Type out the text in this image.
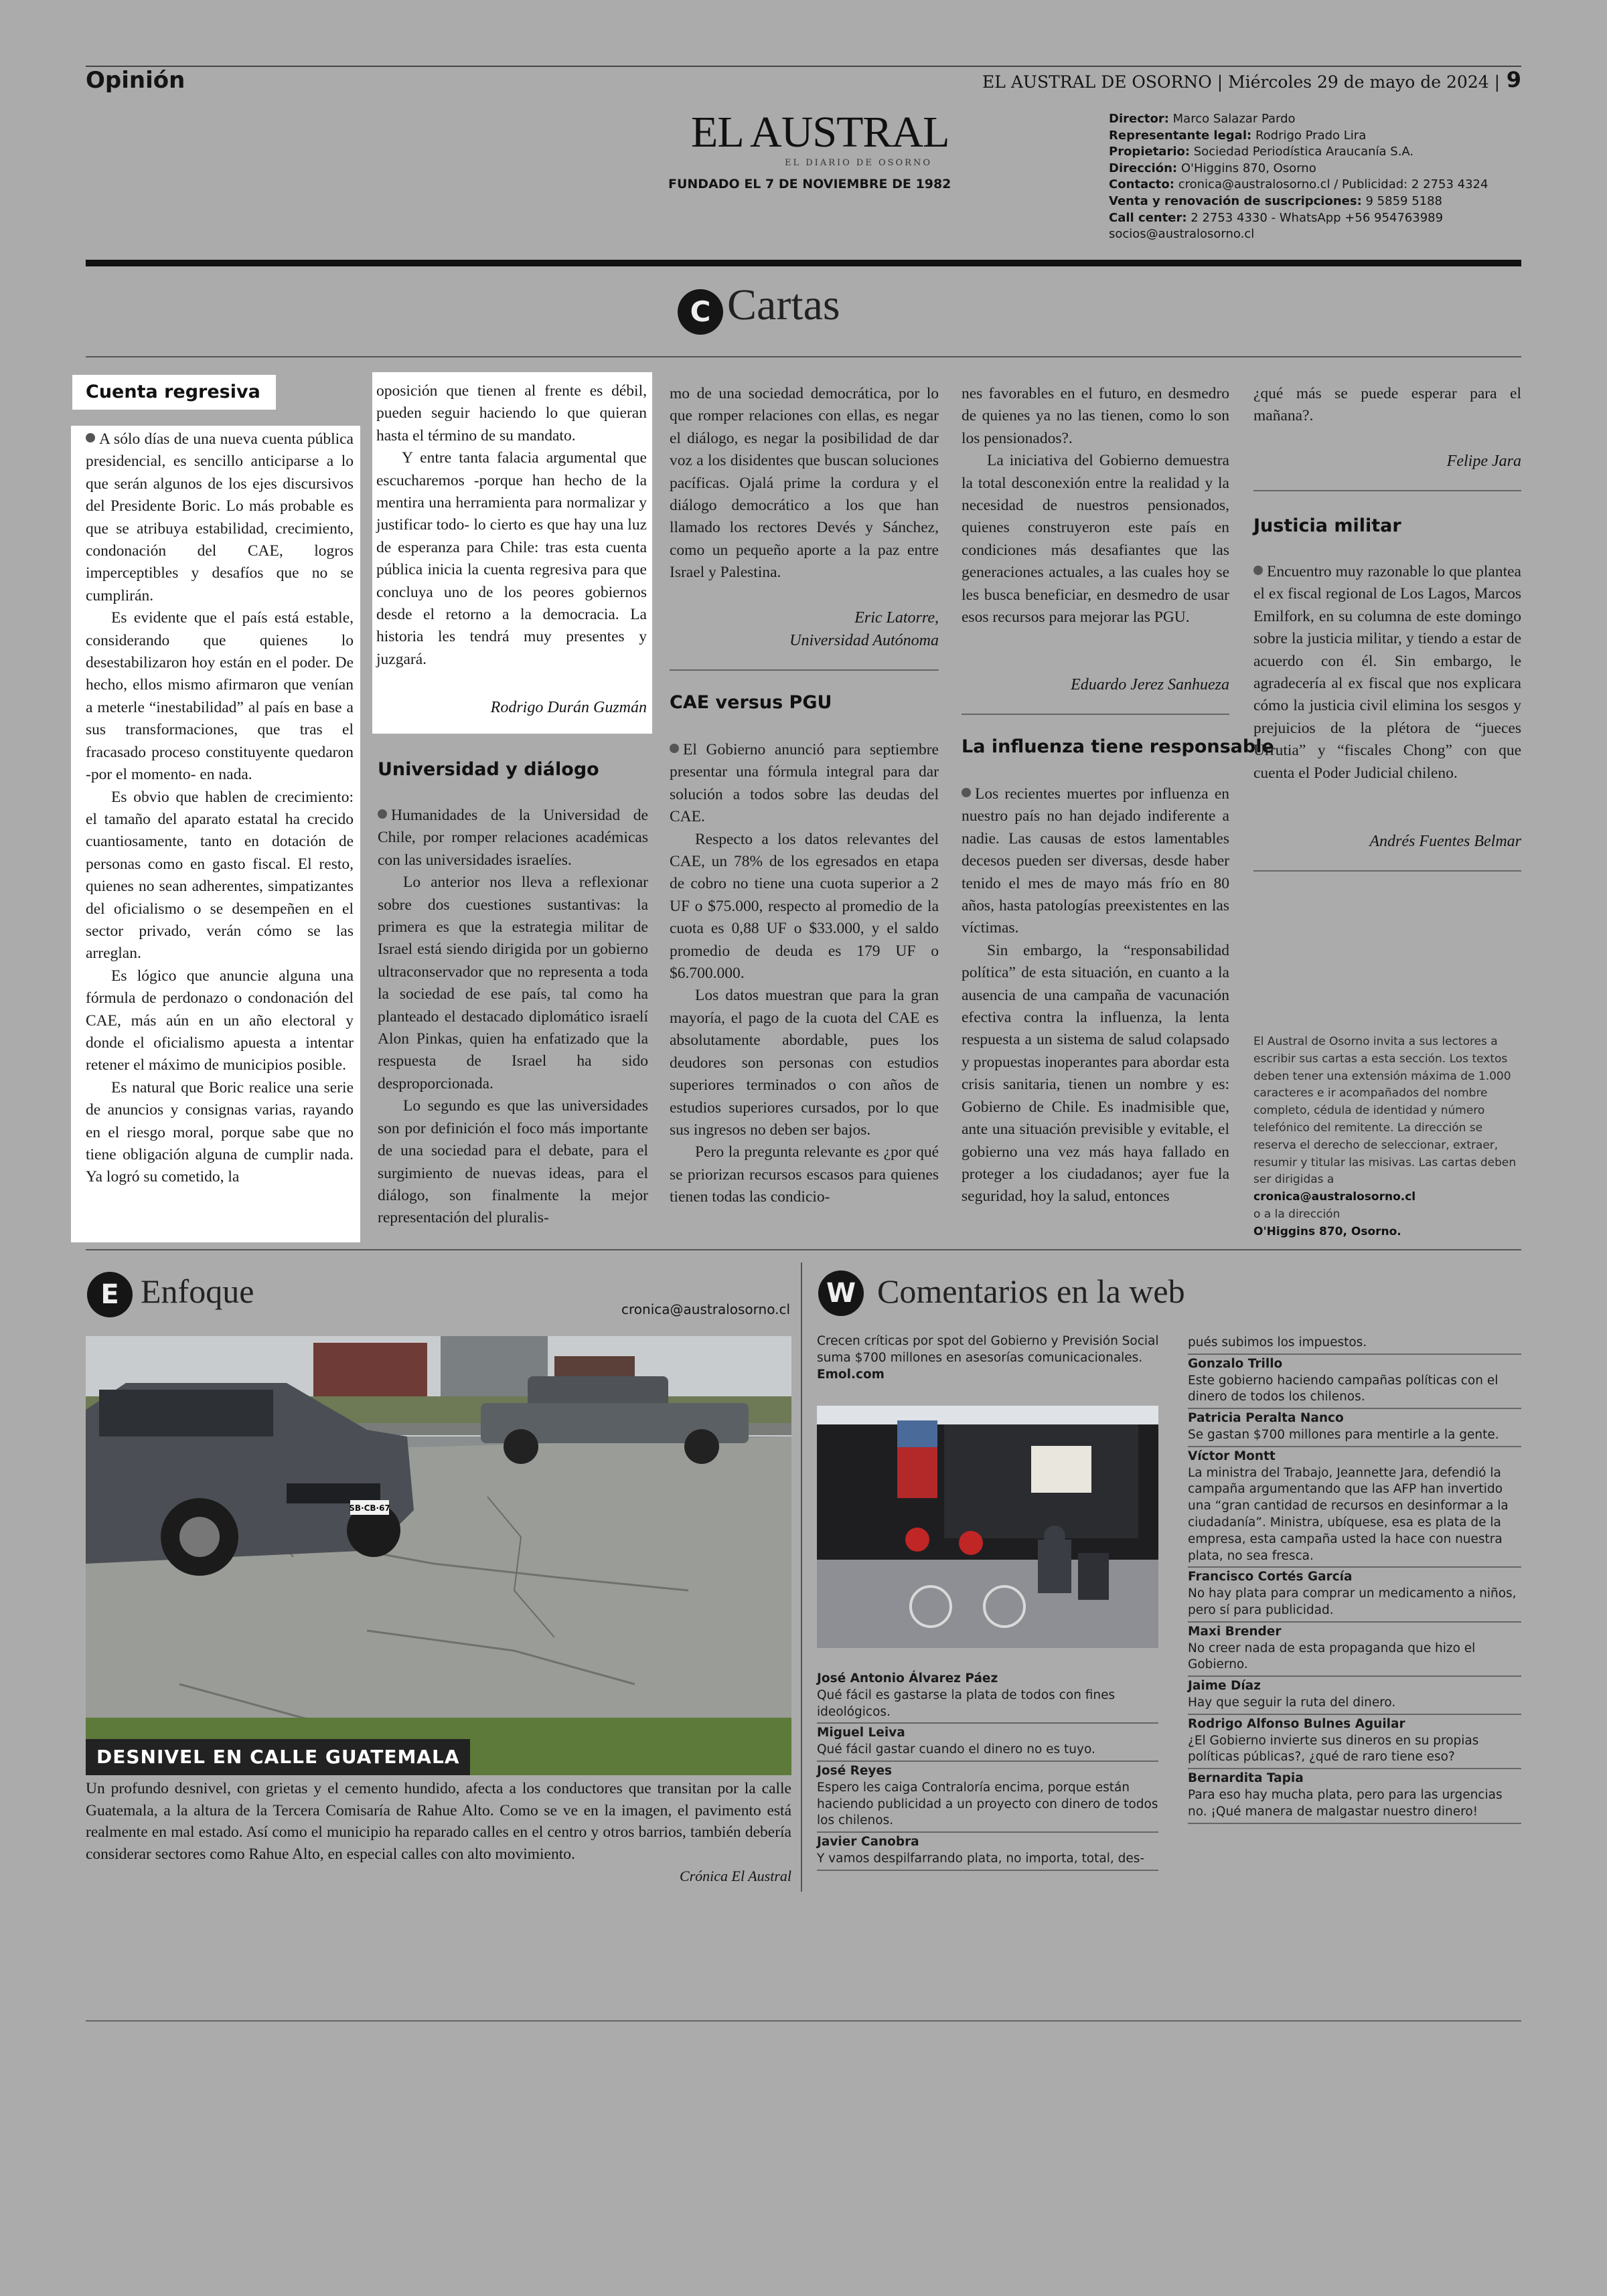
Opinión	EL AUSTRAL DE OSORNO | Miércoles 29 de mayo de 2024 | 9
EL AUSTRAL
EL DIARIO DE OSORNO
FUNDADO EL 7 DE NOVIEMBRE DE 1982
Director: Marco Salazar Pardo
Representante legal: Rodrigo Prado Lira
Propietario: Sociedad Periodística Araucanía S.A.
Dirección: O'Higgins 870, Osorno
Contacto: cronica@australosorno.cl / Publicidad: 2 2753 4324
Venta y renovación de suscripciones: 9 5859 5188
Call center: 2 2753 4330 - WhatsApp +56 954763989
socios@australosorno.cl
C Cartas
Cuenta regresiva

A sólo días de una nueva cuenta pública presidencial, es sencillo anticiparse a lo que serán algunos de los ejes discursivos del Presidente Boric. Lo más probable es que se atribuya estabilidad, crecimiento, condonación del CAE, logros imperceptibles y desafíos que no se cumplirán.

Es evidente que el país está estable, considerando que quienes lo desestabilizaron hoy están en el poder. De hecho, ellos mismo afirmaron que venían a meterle “inestabilidad” al país en base a sus transformaciones, que tras el fracasado proceso constituyente quedaron -por el momento- en nada.

Es obvio que hablen de crecimiento: el tamaño del aparato estatal ha crecido cuantiosamente, tanto en dotación de personas como en gasto fiscal. El resto, quienes no sean adherentes, simpatizantes del oficialismo o se desempeñen en el sector privado, verán cómo se las arreglan.

Es lógico que anuncie alguna una fórmula de perdonazo o condonación del CAE, más aún en un año electoral y donde el oficialismo apuesta a intentar retener el máximo de municipios posible.

Es natural que Boric realice una serie de anuncios y consignas varias, rayando en el riesgo moral, porque sabe que no tiene obligación alguna de cumplir nada. Ya logró su cometido, la

oposición que tienen al frente es débil, pueden seguir haciendo lo que quieran hasta el término de su mandato.

Y entre tanta falacia argumental que escucharemos -porque han hecho de la mentira una herramienta para normalizar y justificar todo- lo cierto es que hay una luz de esperanza para Chile: tras esta cuenta pública inicia la cuenta regresiva para que concluya uno de los peores gobiernos desde el retorno a la democracia. La historia les tendrá muy presentes y juzgará.

Rodrigo Durán Guzmán
Universidad y diálogo

Humanidades de la Universidad de Chile, por romper relaciones académicas con las universidades israelíes.

Lo anterior nos lleva a reflexionar sobre dos cuestiones sustantivas: la primera es que la estrategia militar de Israel está siendo dirigida por un gobierno ultraconservador que no representa a toda la sociedad de ese país, tal como ha planteado el destacado diplomático israelí Alon Pinkas, quien ha enfatizado que la respuesta de Israel ha sido desproporcionada.

Lo segundo es que las universidades son por definición el foco más importante de una sociedad para el debate, para el surgimiento de nuevas ideas, para el diálogo, son finalmente la mejor representación del pluralis-

mo de una sociedad democrática, por lo que romper relaciones con ellas, es negar el diálogo, es negar la posibilidad de dar voz a los disidentes que buscan soluciones pacíficas. Ojalá prime la cordura y el diálogo democrático a los que han llamado los rectores Devés y Sánchez, como un pequeño aporte a la paz entre Israel y Palestina.

Eric Latorre,
Universidad Autónoma
CAE versus PGU

El Gobierno anunció para septiembre presentar una fórmula integral para dar solución a todos sobre las deudas del CAE.

Respecto a los datos relevantes del CAE, un 78% de los egresados en etapa de cobro no tiene una cuota superior a 2 UF o $75.000, respecto al promedio de la cuota es 0,88 UF o $33.000, y el saldo promedio de deuda es 179 UF o $6.700.000.

Los datos muestran que para la gran mayoría, el pago de la cuota del CAE es absolutamente abordable, pues los deudores son personas con estudios superiores terminados o con años de estudios superiores cursados, por lo que sus ingresos no deben ser bajos.

Pero la pregunta relevante es ¿por qué se priorizan recursos escasos para quienes tienen todas las condicio-

nes favorables en el futuro, en desmedro de quienes ya no las tienen, como lo son los pensionados?.

La iniciativa del Gobierno demuestra la total desconexión entre la realidad y la necesidad de nuestros pensionados, quienes construyeron este país en condiciones más desafiantes que las generaciones actuales, a las cuales hoy se les busca beneficiar, en desmedro de usar esos recursos para mejorar las PGU.

Eduardo Jerez Sanhueza
La influenza tiene responsable

Los recientes muertes por influenza en nuestro país no han dejado indiferente a nadie. Las causas de estos lamentables decesos pueden ser diversas, desde haber tenido el mes de mayo más frío en 80 años, hasta patologías preexistentes en las víctimas.

Sin embargo, la “responsabilidad política” de esta situación, en cuanto a la ausencia de una campaña de vacunación efectiva contra la influenza, la lenta respuesta a un sistema de salud colapsado y propuestas inoperantes para abordar esta crisis sanitaria, tienen un nombre y es: Gobierno de Chile. Es inadmisible que, ante una situación previsible y evitable, el gobierno una vez más haya fallado en proteger a los ciudadanos; ayer fue la seguridad, hoy la salud, entonces

¿qué más se puede esperar para el mañana?.

Felipe Jara
Justicia militar

Encuentro muy razonable lo que plantea el ex fiscal regional de Los Lagos, Marcos Emilfork, en su columna de este domingo sobre la justicia militar, y tiendo a estar de acuerdo con él. Sin embargo, le agradecería al ex fiscal que nos explicara cómo la justicia civil elimina los sesgos y prejuicios de la plétora de “jueces Urrutia” y “fiscales Chong” con que cuenta el Poder Judicial chileno.

Andrés Fuentes Belmar
El Austral de Osorno invita a sus lectores a escribir sus cartas a esta sección. Los textos deben tener una extensión máxima de 1.000 caracteres e ir acompañados del nombre completo, cédula de identidad y número telefónico del remitente. La dirección se reserva el derecho de seleccionar, extraer, resumir y titular las misivas. Las cartas deben ser dirigidas a
cronica@australosorno.cl
o a la dirección
O'Higgins 870, Osorno.
E Enfoque	cronica@australosorno.cl
SB·CB·67
DESNIVEL EN CALLE GUATEMALA
Un profundo desnivel, con grietas y el cemento hundido, afecta a los conductores que transitan por la calle Guatemala, a la altura de la Tercera Comisaría de Rahue Alto. Como se ve en la imagen, el pavimento está realmente en mal estado. Así como el municipio ha reparado calles en el centro y otros barrios, también debería considerar sectores como Rahue Alto, en especial calles con alto movimiento.
Crónica El Austral
W Comentarios en la web
Crecen críticas por spot del Gobierno y Previsión Social suma $700 millones en asesorías comunicacionales. Emol.com
José Antonio Álvarez Páez
Qué fácil es gastarse la plata de todos con fines ideológicos.
Miguel Leiva
Qué fácil gastar cuando el dinero no es tuyo.
José Reyes
Espero les caiga Contraloría encima, porque están haciendo publicidad a un proyecto con dinero de todos los chilenos.
Javier Canobra
Y vamos despilfarrando plata, no importa, total, des-
pués subimos los impuestos.
Gonzalo Trillo
Este gobierno haciendo campañas políticas con el dinero de todos los chilenos.
Patricia Peralta Nanco
Se gastan $700 millones para mentirle a la gente.
Víctor Montt
La ministra del Trabajo, Jeannette Jara, defendió la campaña argumentando que las AFP han invertido una “gran cantidad de recursos en desinformar a la ciudadanía”. Ministra, ubíquese, esa es plata de la empresa, esta campaña usted la hace con nuestra plata, no sea fresca.
Francisco Cortés García
No hay plata para comprar un medicamento a niños, pero sí para publicidad.
Maxi Brender
No creer nada de esta propaganda que hizo el Gobierno.
Jaime Díaz
Hay que seguir la ruta del dinero.
Rodrigo Alfonso Bulnes Aguilar
¿El Gobierno invierte sus dineros en su propias políticas públicas?, ¿qué de raro tiene eso?
Bernardita Tapia
Para eso hay mucha plata, pero para las urgencias no. ¡Qué manera de malgastar nuestro dinero!
